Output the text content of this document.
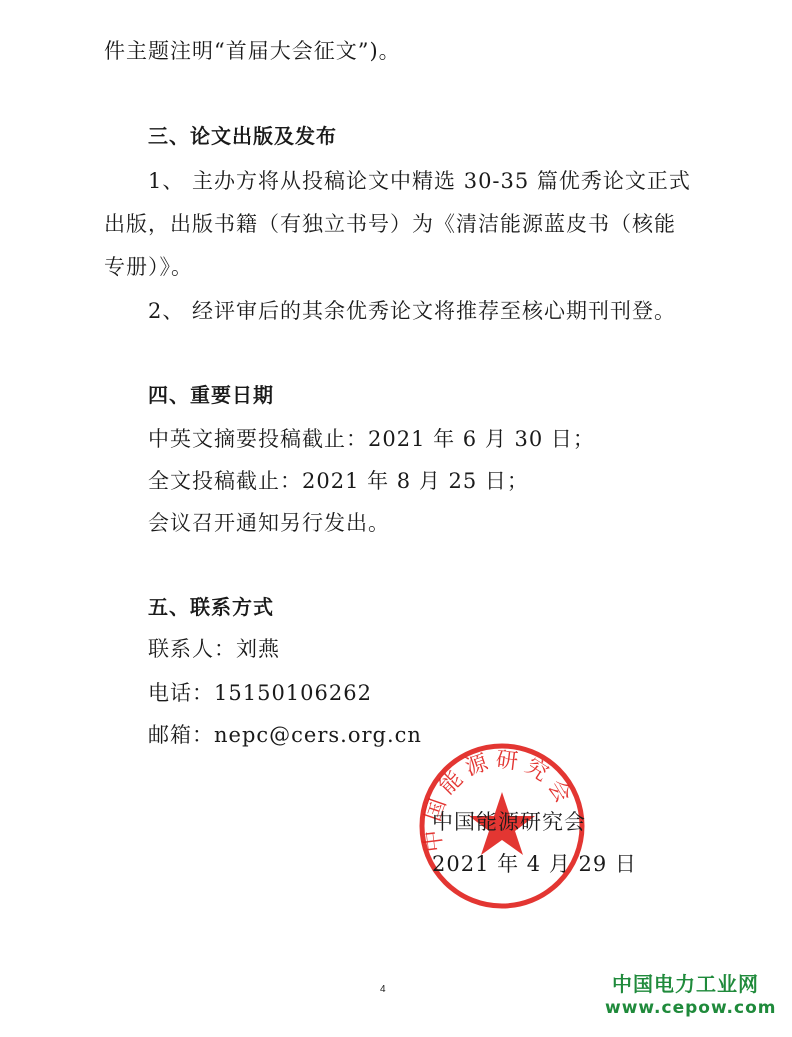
件主题注明“首届大会征文”)。
三、论文出版及发布
1、 主办方将从投稿论文中精选 30-35 篇优秀论文正式
出版，出版书籍（有独立书号）为《清洁能源蓝皮书（核能
专册）》。
2、 经评审后的其余优秀论文将推荐至核心期刊刊登。
四、重要日期
中英文摘要投稿截止：2021 年 6 月 30 日；
全文投稿截止：2021 年 8 月 25 日；
会议召开通知另行发出。
五、联系方式
联系人：刘燕
电话：15150106262
邮箱：nepc@cers.org.cn
中国能源研究会
中国能源研究会
2021 年 4 月 29 日
4	中国电力工业网
www.cepow.com
